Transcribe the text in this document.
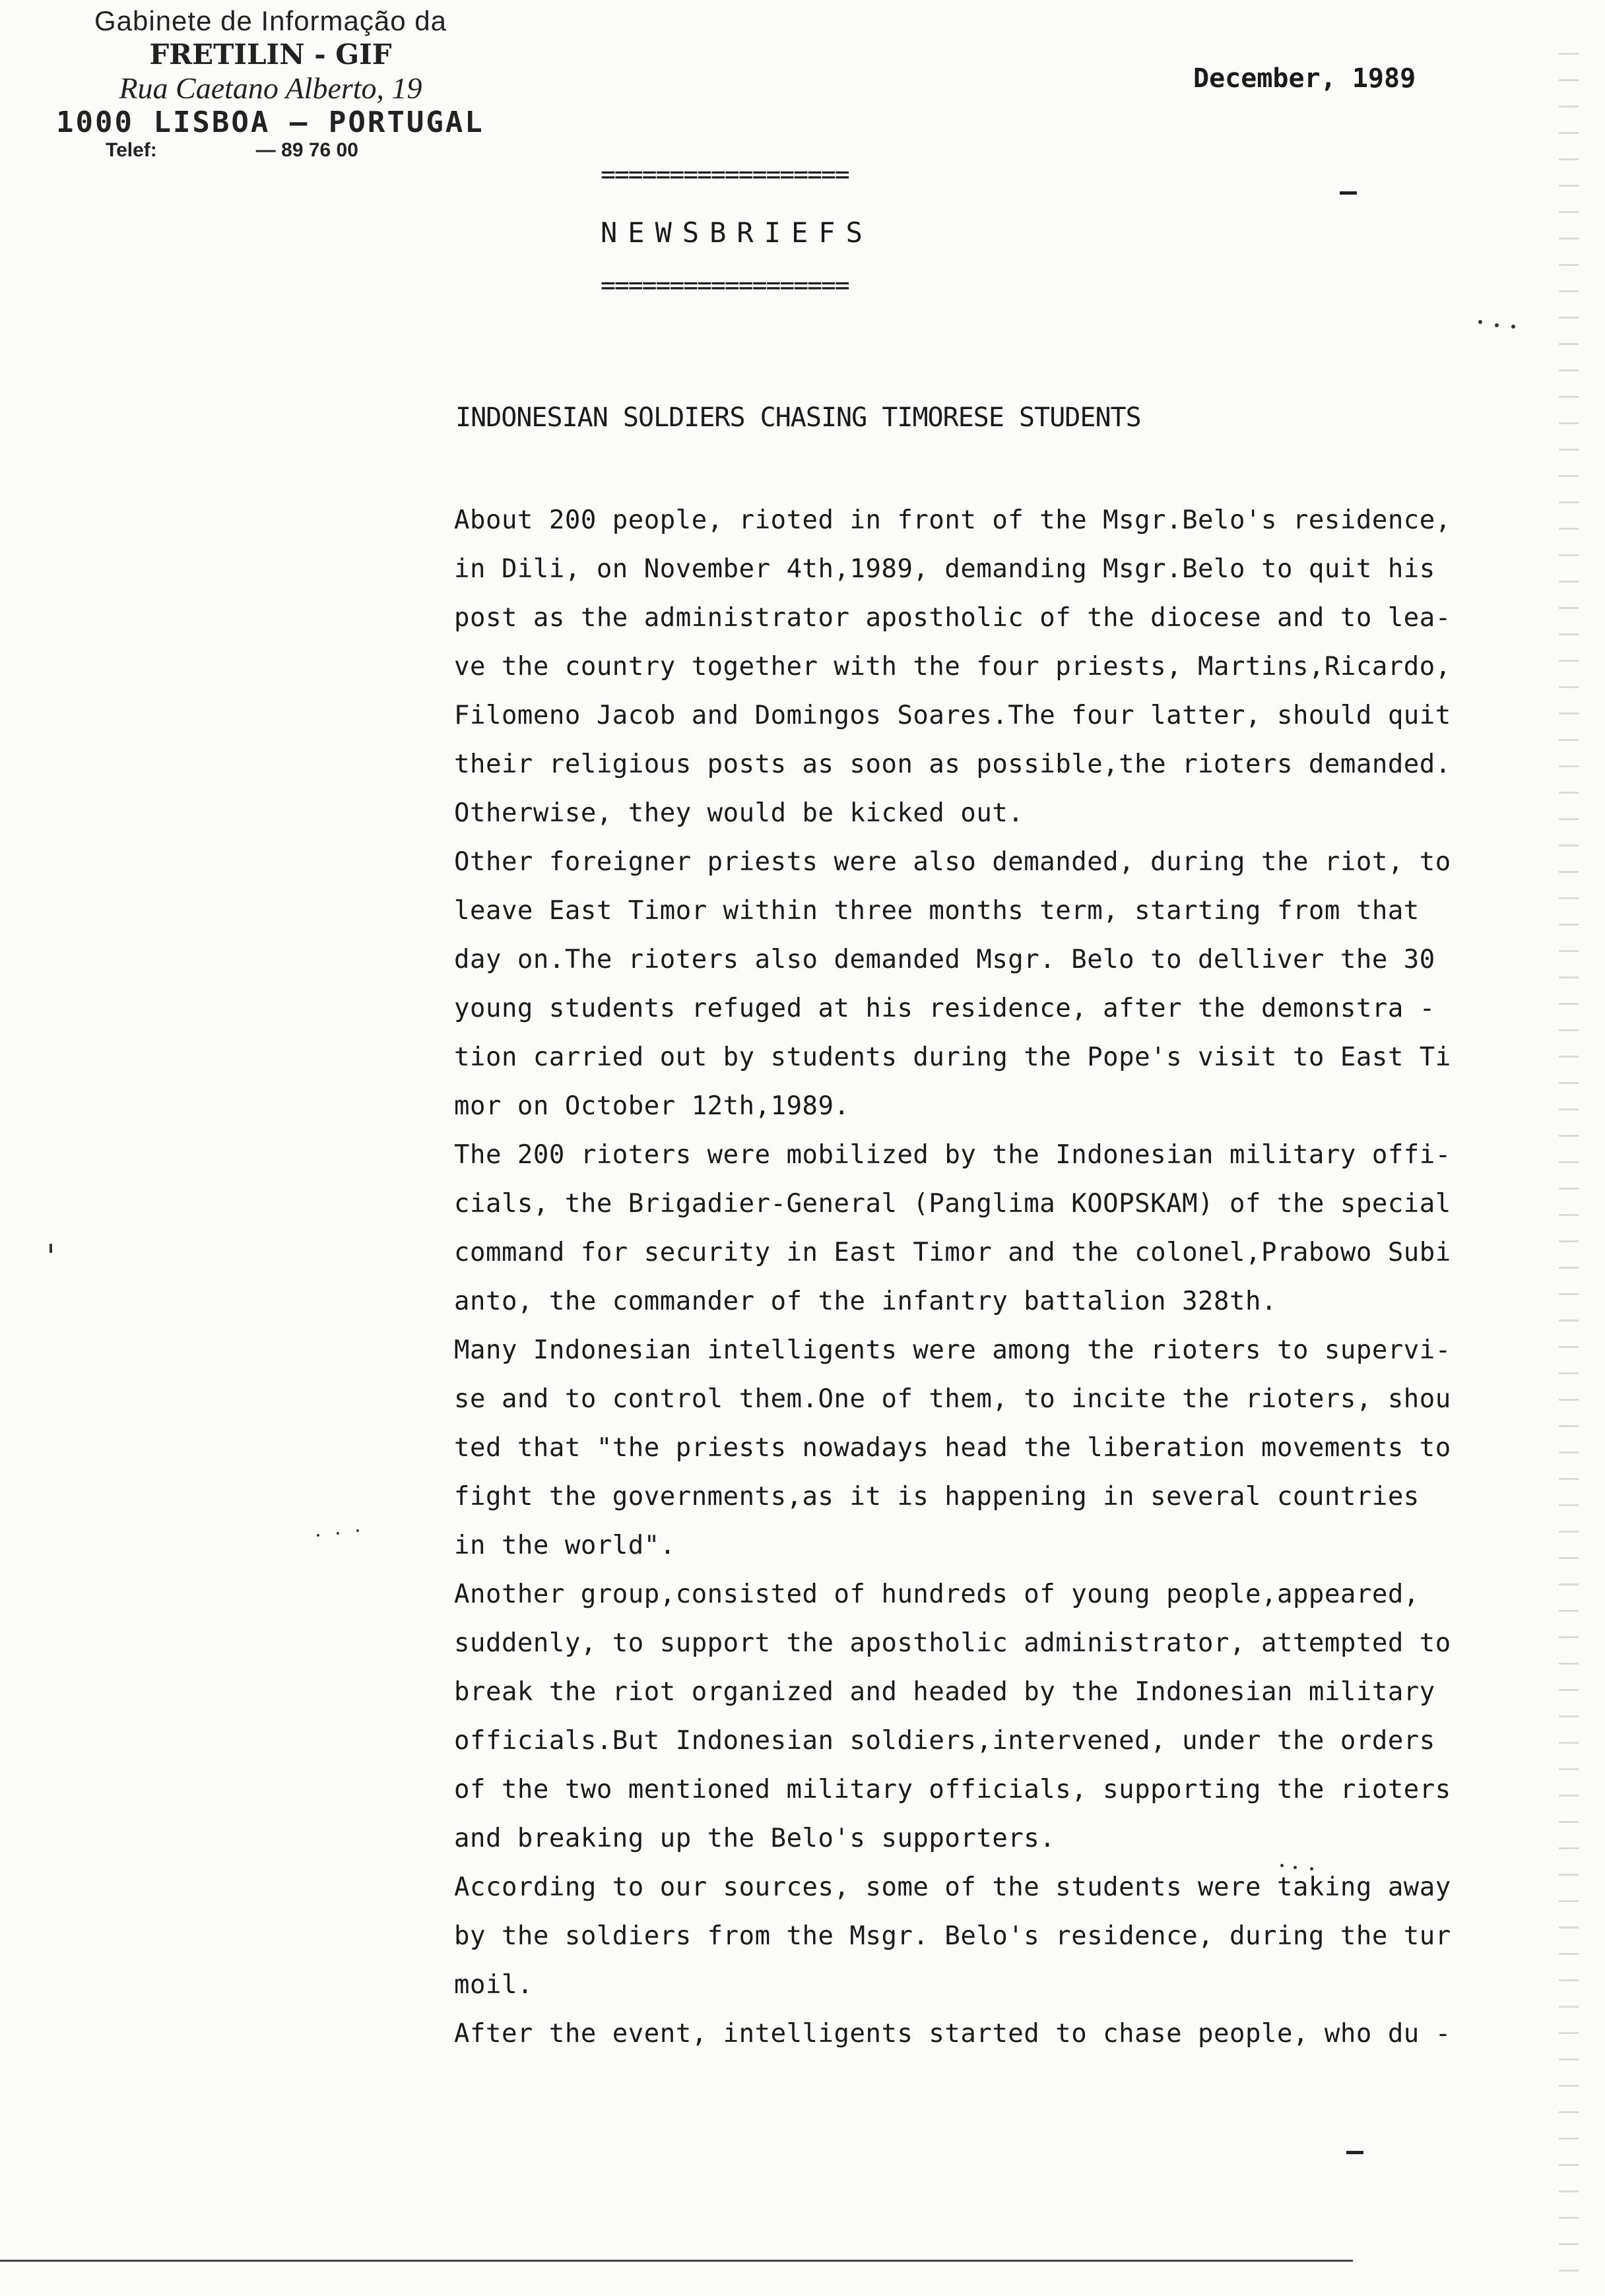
Gabinete de Informação da
FRETILIN - GIF
Rua Caetano Alberto, 19
1000 LISBOA — PORTUGAL
Telef:	— 89 76 00
December, 1989
==================
NEWSBRIEFS
==================
INDONESIAN SOLDIERS CHASING TIMORESE STUDENTS
About 200 people, rioted in front of the Msgr.Belo's residence,
in Dili, on November 4th,1989, demanding Msgr.Belo to quit his
post as the administrator apostholic of the diocese and to lea-
ve the country together with the four priests, Martins,Ricardo,
Filomeno Jacob and Domingos Soares.The four latter, should quit
their religious posts as soon as possible,the rioters demanded.
Otherwise, they would be kicked out.
Other foreigner priests were also demanded, during the riot, to
leave East Timor within three months term, starting from that
day on.The rioters also demanded Msgr. Belo to delliver the 30
young students refuged at his residence, after the demonstra -
tion carried out by students during the Pope's visit to East Ti
mor on October 12th,1989.
The 200 rioters were mobilized by the Indonesian military offi-
cials, the Brigadier-General (Panglima KOOPSKAM) of the special
command for security in East Timor and the colonel,Prabowo Subi
anto, the commander of the infantry battalion 328th.
Many Indonesian intelligents were among the rioters to supervi-
se and to control them.One of them, to incite the rioters, shou
ted that "the priests nowadays head the liberation movements to
fight the governments,as it is happening in several countries
in the world".
Another group,consisted of hundreds of young people,appeared,
suddenly, to support the apostholic administrator, attempted to
break the riot organized and headed by the Indonesian military
officials.But Indonesian soldiers,intervened, under the orders
of the two mentioned military officials, supporting the rioters
and breaking up the Belo's supporters.
According to our sources, some of the students were taking away
by the soldiers from the Msgr. Belo's residence, during the tur
moil.
After the event, intelligents started to chase people, who du -
